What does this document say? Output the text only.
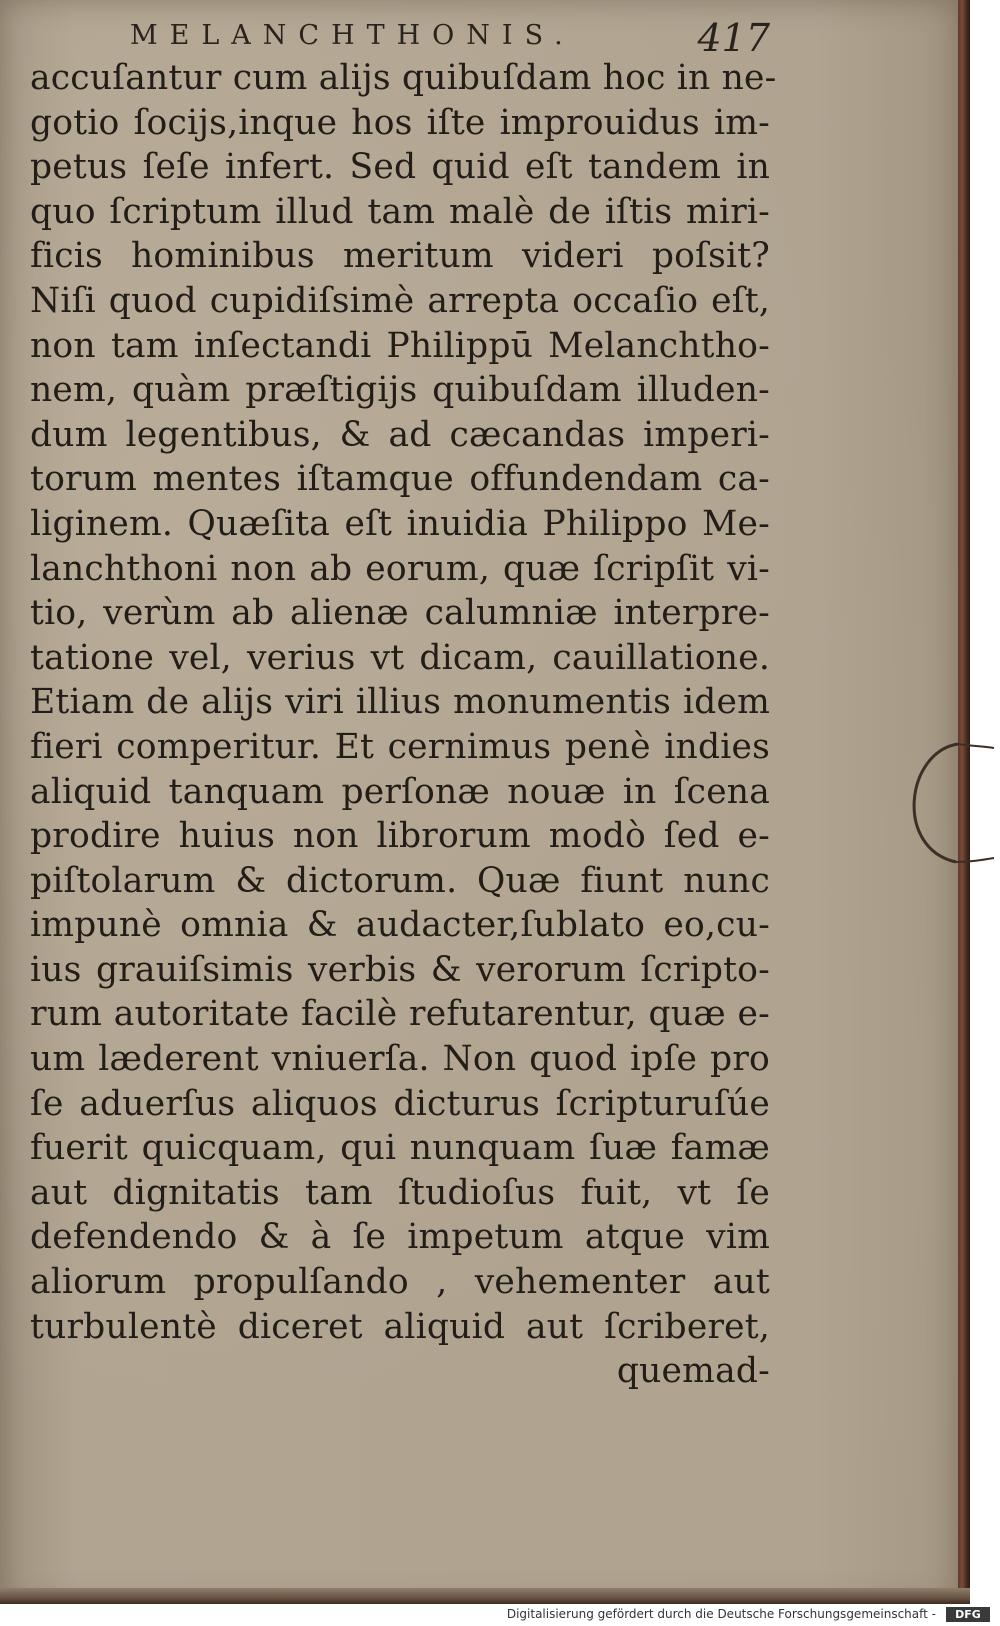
MELANCHTHONIS.	417
accuſantur cum alijs quibuſdam hoc in ne-
gotio ſocijs,inque hos iſte improuidus im-
petus ſeſe infert. Sed quid eſt tandem in
quo ſcriptum illud tam malè de iſtis miri-
ficis hominibus meritum videri poſsit?
Niſi quod cupidiſsimè arrepta occaſio eſt,
non tam inſectandi Philippū Melanchtho-
nem, quàm præſtigijs quibuſdam illuden-
dum legentibus, & ad cæcandas imperi-
torum mentes iſtamque offundendam ca-
liginem. Quæſita eſt inuidia Philippo Me-
lanchthoni non ab eorum, quæ ſcripſit vi-
tio, verùm ab alienæ calumniæ interpre-
tatione vel, verius vt dicam, cauillatione.
Etiam de alijs viri illius monumentis idem
fieri comperitur. Et cernimus penè indies
aliquid tanquam perſonæ nouæ in ſcena
prodire huius non librorum modò ſed e-
piſtolarum & dictorum. Quæ fiunt nunc
impunè omnia & audacter,ſublato eo,cu-
ius grauiſsimis verbis & verorum ſcripto-
rum autoritate facilè refutarentur, quæ e-
um læderent vniuerſa. Non quod ipſe pro
ſe aduerſus aliquos dicturus ſcripturuſúe
fuerit quicquam, qui nunquam ſuæ famæ
aut dignitatis tam ſtudioſus fuit, vt ſe
defendendo & à ſe impetum atque vim
aliorum propulſando , vehementer aut
turbulentè diceret aliquid aut ſcriberet,
quemad-
Digitalisierung gefördert durch die Deutsche Forschungsgemeinschaft -	DFG
